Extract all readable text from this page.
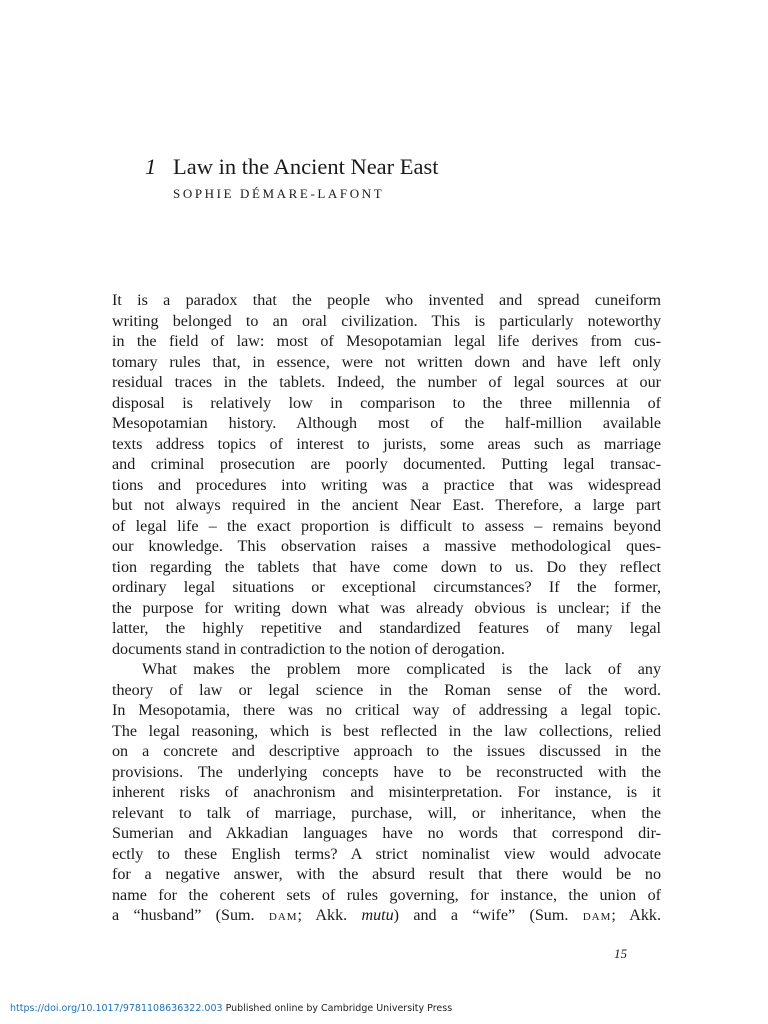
1 Law in the Ancient Near East
SOPHIE DÉMARE-LAFONT
It is a paradox that the people who invented and spread cuneiform
writing belonged to an oral civilization. This is particularly noteworthy
in the field of law: most of Mesopotamian legal life derives from cus-
tomary rules that, in essence, were not written down and have left only
residual traces in the tablets. Indeed, the number of legal sources at our
disposal is relatively low in comparison to the three millennia of
Mesopotamian history. Although most of the half-million available
texts address topics of interest to jurists, some areas such as marriage
and criminal prosecution are poorly documented. Putting legal transac-
tions and procedures into writing was a practice that was widespread
but not always required in the ancient Near East. Therefore, a large part
of legal life – the exact proportion is difficult to assess – remains beyond
our knowledge. This observation raises a massive methodological ques-
tion regarding the tablets that have come down to us. Do they reflect
ordinary legal situations or exceptional circumstances? If the former,
the purpose for writing down what was already obvious is unclear; if the
latter, the highly repetitive and standardized features of many legal
documents stand in contradiction to the notion of derogation.
What makes the problem more complicated is the lack of any
theory of law or legal science in the Roman sense of the word.
In Mesopotamia, there was no critical way of addressing a legal topic.
The legal reasoning, which is best reflected in the law collections, relied
on a concrete and descriptive approach to the issues discussed in the
provisions. The underlying concepts have to be reconstructed with the
inherent risks of anachronism and misinterpretation. For instance, is it
relevant to talk of marriage, purchase, will, or inheritance, when the
Sumerian and Akkadian languages have no words that correspond dir-
ectly to these English terms? A strict nominalist view would advocate
for a negative answer, with the absurd result that there would be no
name for the coherent sets of rules governing, for instance, the union of
a “husband” (Sum. dam; Akk. mutu) and a “wife” (Sum. dam; Akk.
15
https://doi.org/10.1017/9781108636322.003 Published online by Cambridge University Press
